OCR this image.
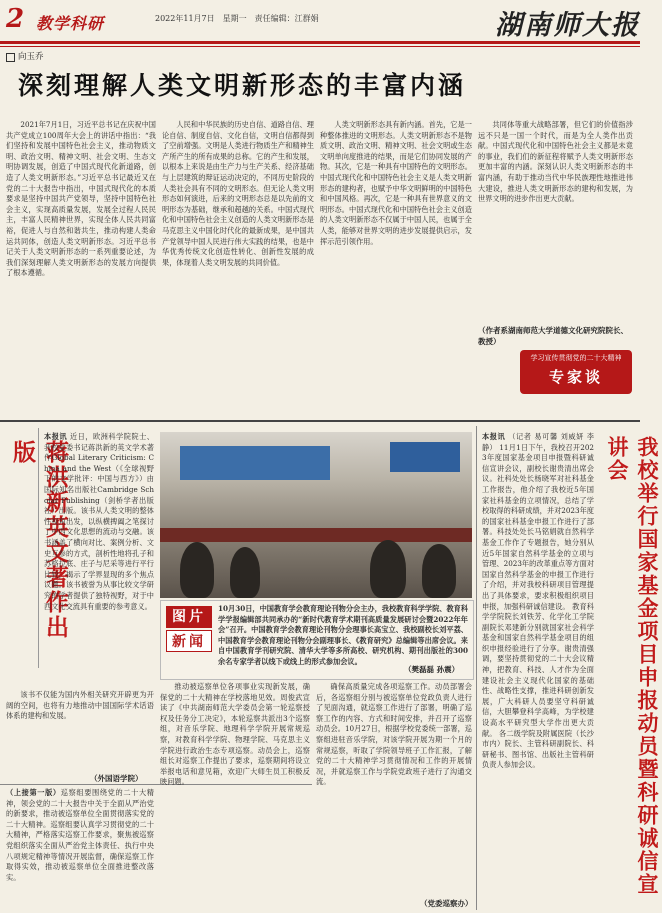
2 教学科研	2022年11月7日　星期一　责任编辑：江群娟	湖南师大报
向玉乔
深刻理解人类文明新形态的丰富内涵
2021年7月1日，习近平总书记在庆祝中国共产党成立100周年大会上的讲话中指出：“我们坚持和发展中国特色社会主义，推动物质文明、政治文明、精神文明、社会文明、生态文明协调发展，创造了中国式现代化新道路，创造了人类文明新形态。”习近平总书记最近又在党的二十大报告中指出，中国式现代化的本质要求是坚持中国共产党领导，坚持中国特色社会主义，实现高质量发展，发展全过程人民民主，丰富人民精神世界，实现全体人民共同富裕，促进人与自然和谐共生，推动构建人类命运共同体，创造人类文明新形态。习近平总书记关于人类文明新形态的一系列重要论述，为我们深刻理解人类文明新形态的发展方向提供了根本遵循。
人民和中华民族的历史自信、道路自信、理论自信、制度自信、文化自信，文明自信都得到了空前增强。文明是人类进行物质生产和精神生产所产生的所有成果的总称。它的产生和发展，以根本上来说是由生产力与生产关系、经济基础与上层建筑的辩证运动决定的，不同历史阶段的人类社会具有不同的文明形态。但无论人类文明形态如何演进，后来的文明形态总是以先前的文明形态为基础，继承和超越的关系。中国式现代化和中国特色社会主义创造的人类文明新形态是马克思主义中国化时代化的最新成果，是中国共产党领导中国人民进行伟大实践的结果，也是中华优秀传统文化创造性转化、创新性发展的成果，体现着人类文明发展的共同价值。
人类文明新形态具有新内涵。首先，它是一种整体推进的文明形态。人类文明新形态不是物质文明、政治文明、精神文明、社会文明或生态文明单向度推进的结果，而是它们协同发展的产物。其次，它是一种具有中国特色的文明形态。中国式现代化和中国特色社会主义是人类文明新形态的建构者，也赋予中华文明鲜明的中国特色和中国风格。再次，它是一种具有世界意义的文明形态。中国式现代化和中国特色社会主义创造的人类文明新形态不仅属于中国人民，也属于全人类，能够对世界文明的进步发展提供启示，发挥示范引领作用。
共同体等重大战略部署，但它们的价值指涉远不只是一国一个时代，而是为全人类作出贡献。中国式现代化和中国特色社会主义都是未竟的事业，我们们的新征程将赋予人类文明新形态更加丰富的内涵。深刻认识人类文明新形态的丰富内涵，有助于推动当代中华民族理性地推进伟大建设，推进人类文明新形态的建构和发展，为世界文明的进步作出更大贡献。
（作者系湖南师范大学道德文化研究院院长、教授）
学习宣传贯彻党的二十大精神
专家谈
蒋洪新英文著作出版
本报讯 近日，欧洲科学院院士、我校党委书记蒋洪新的英文学术著作Global Literary Criticism: China and the West（《全球视野下的文学批评：中国与西方》）由国际知名出版社Cambridge Scholar Publishing（剑桥学者出版社）出版。该书从人类文明的整体性视角出发，以纵横捭阖之笔探讨了中西文化思想的流动与交融。该书涵盖了横向对比、案例分析、文史互参的方式，剖析性地将孔子和苏格拉底、庄子与尼采等进行平行比较，揭示了学界显现的多个焦点议题。该书被誉为从事比较文学研究的学者提供了独特视野，对于中西文化交流具有重要的参考意义。
该书不仅能为国内外相关研究开辟更为开阔的空间，也将有力地推动中国国际学术话语体系的建构和发展。
（外国语学院）
图片
新闻
10月30日，中国教育学会教育理论刊物分会主办，我校教育科学学院、教育科学学报编辑部共同承办的“新时代教育学术期刊高质量发展研讨会暨2022年年会”召开。中国教育学会教育理论刊物分会理事长高宝立、我校副校长刘平荔、中国教育学会教育理论刊物分会副理事长、《教育研究》总编辑等出席会议。来自中国教育学刊研究院、清华大学等多所高校、研究机构、期刊出版社的300余名专家学者以线下或线上的形式参加会议。
（樊磊磊 孙震）
（上接第一版）巡察组要围绕党的二十大精神，领会党的二十大报告中关于全面从严治党的新要求，推动被巡察单位全面贯彻落实党的二十大精神。巡察组要认真学习贯彻党的二十大精神，严格落实巡察工作要求，聚焦被巡察党组织落实全面从严治党主体责任、执行中央八项规定精神等情况开展监督，确保巡察工作取得实效，推动被巡察单位全面推进整改落实。
推动被巡察单位各项事业实现新发展，确保党的二十大精神在学校落地见效。周俊武宣读了《中共湖南师范大学委员会第一轮巡察授权及任务分工决定》，本轮巡察共派出3个巡察组，对音乐学院、地理科学学院开展常规巡察，对教育科学学院、物理学院、马克思主义学院进行政治生态专项巡察。动员会上，巡察组长对巡察工作提出了要求，巡察期间将设立举报电话和意见箱，欢迎广大师生员工积极反映问题。
确保高质量完成各项巡察工作。动员部署会后，各巡察组分别与被巡察单位党政负责人进行了见面沟通，就巡察工作进行了部署，明确了巡察工作的内容、方式和时间安排，并召开了巡察动员会。10月27日，根据学校党委统一部署，巡察组进驻音乐学院，对该学院开展为期一个月的常规巡察，听取了学院领导班子工作汇报，了解党的二十大精神学习贯彻情况和工作的开展情况，并就巡察工作与学院党政班子进行了沟通交流。
（党委巡察办）
本报讯 （记者 易可馨 刘威妍 李静） 11月1日下午，我校召开2023年度国家基金项目申报暨科研诚信宣讲会议，副校长谢贵清出席会议。社科处处长杨晓军对社科基金工作报告，他介绍了我校近5年国家社科基金的立项情况，总结了学校取得的科研成绩，并对2023年度的国家社科基金申报工作进行了部署。科技处处长马铭娟就自然科学基金工作作了专题报告，她分别从近5年国家自然科学基金的立项与管理、2023年的改革重点等方面对国家自然科学基金的申报工作进行了介绍，并对我校科研项目管理提出了具体要求，要求积极组织项目申报，加强科研诚信建设。 教育科学学院院长刘铁芳、化学化工学院副院长邓建新分别就国家社会科学基金和国家自然科学基金项目的组织申报经验进行了分享。谢贵清强调，要坚持贯彻党的二十大会议精神，把教育、科技、人才作为全面建设社会主义现代化国家的基础性、战略性支撑，推进科研创新发展，广大科研人员要坚守科研诚信，大胆攀登科学高峰，为学校建设高水平研究型大学作出更大贡献。 各二级学院及附属医院（长沙市内）院长、主管科研副院长、科研秘书、图书馆、出版社主管科研负责人参加会议。	我校举行国家基金项目申报动员暨科研诚信宣讲会
